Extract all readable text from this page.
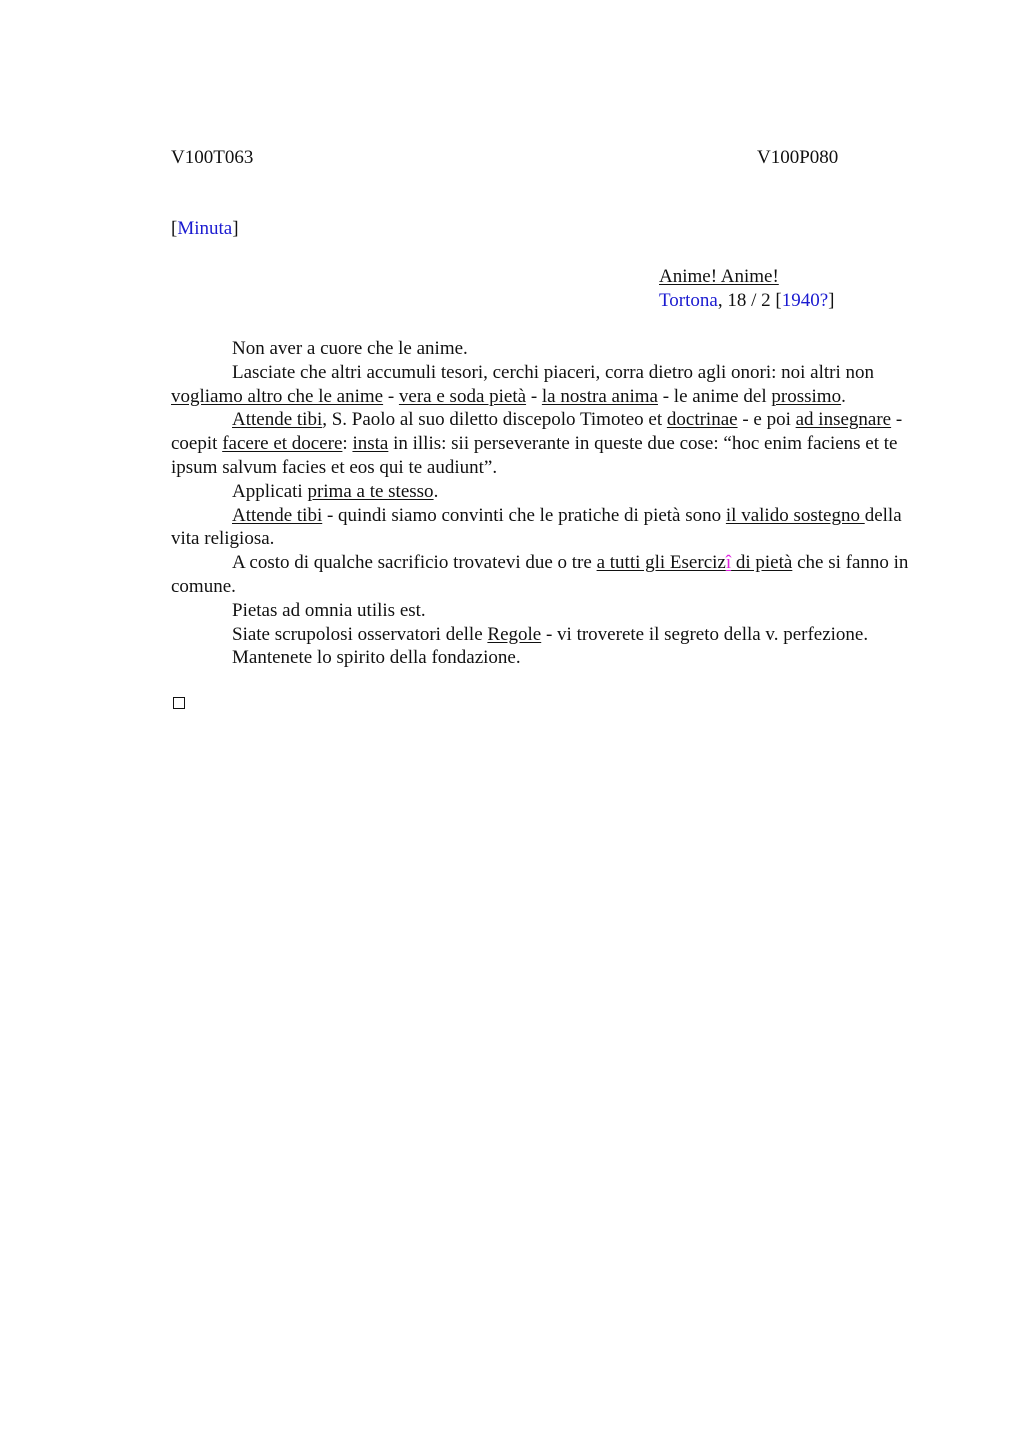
V100T063	V100P080
[Minuta]
Anime! Anime!
Tortona, 18 / 2 [1940?]

Non aver a cuore che le anime.

Lasciate che altri accumuli tesori, cerchi piaceri, corra dietro agli onori: noi altri non vogliamo altro che le anime - vera e soda pietà - la nostra anima - le anime del prossimo.

Attende tibi, S. Paolo al suo diletto discepolo Timoteo et doctrinae - e poi ad insegnare - coepit facere et docere: insta in illis: sii perseverante in queste due cose: “hoc enim faciens et te ipsum salvum facies et eos qui te audiunt”.

Applicati prima a te stesso.

Attende tibi - quindi siamo convinti che le pratiche di pietà sono il valido sostegno della vita religiosa.

A costo di qualche sacrificio trovatevi due o tre a tutti gli Esercizî di pietà che si fanno in comune.

Pietas ad omnia utilis est.

Siate scrupolosi osservatori delle Regole - vi troverete il segreto della v. perfezione.

Mantenete lo spirito della fondazione.
